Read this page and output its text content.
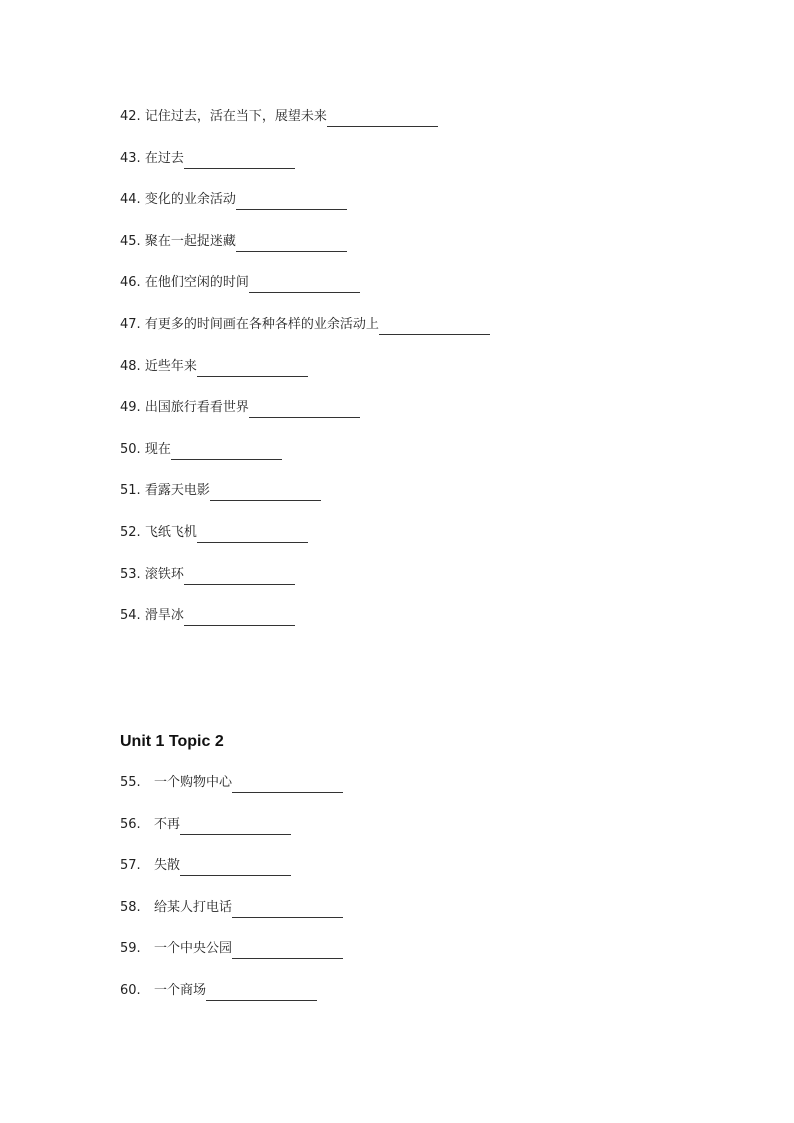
42. 记住过去，活在当下，展望未来
43. 在过去
44. 变化的业余活动
45. 聚在一起捉迷藏
46. 在他们空闲的时间
47. 有更多的时间画在各种各样的业余活动上
48. 近些年来
49. 出国旅行看看世界
50. 现在
51. 看露天电影
52. 飞纸飞机
53. 滚铁环
54. 滑旱冰
Unit 1 Topic 2
55. 一个购物中心
56. 不再
57. 失散
58. 给某人打电话
59. 一个中央公园
60. 一个商场
